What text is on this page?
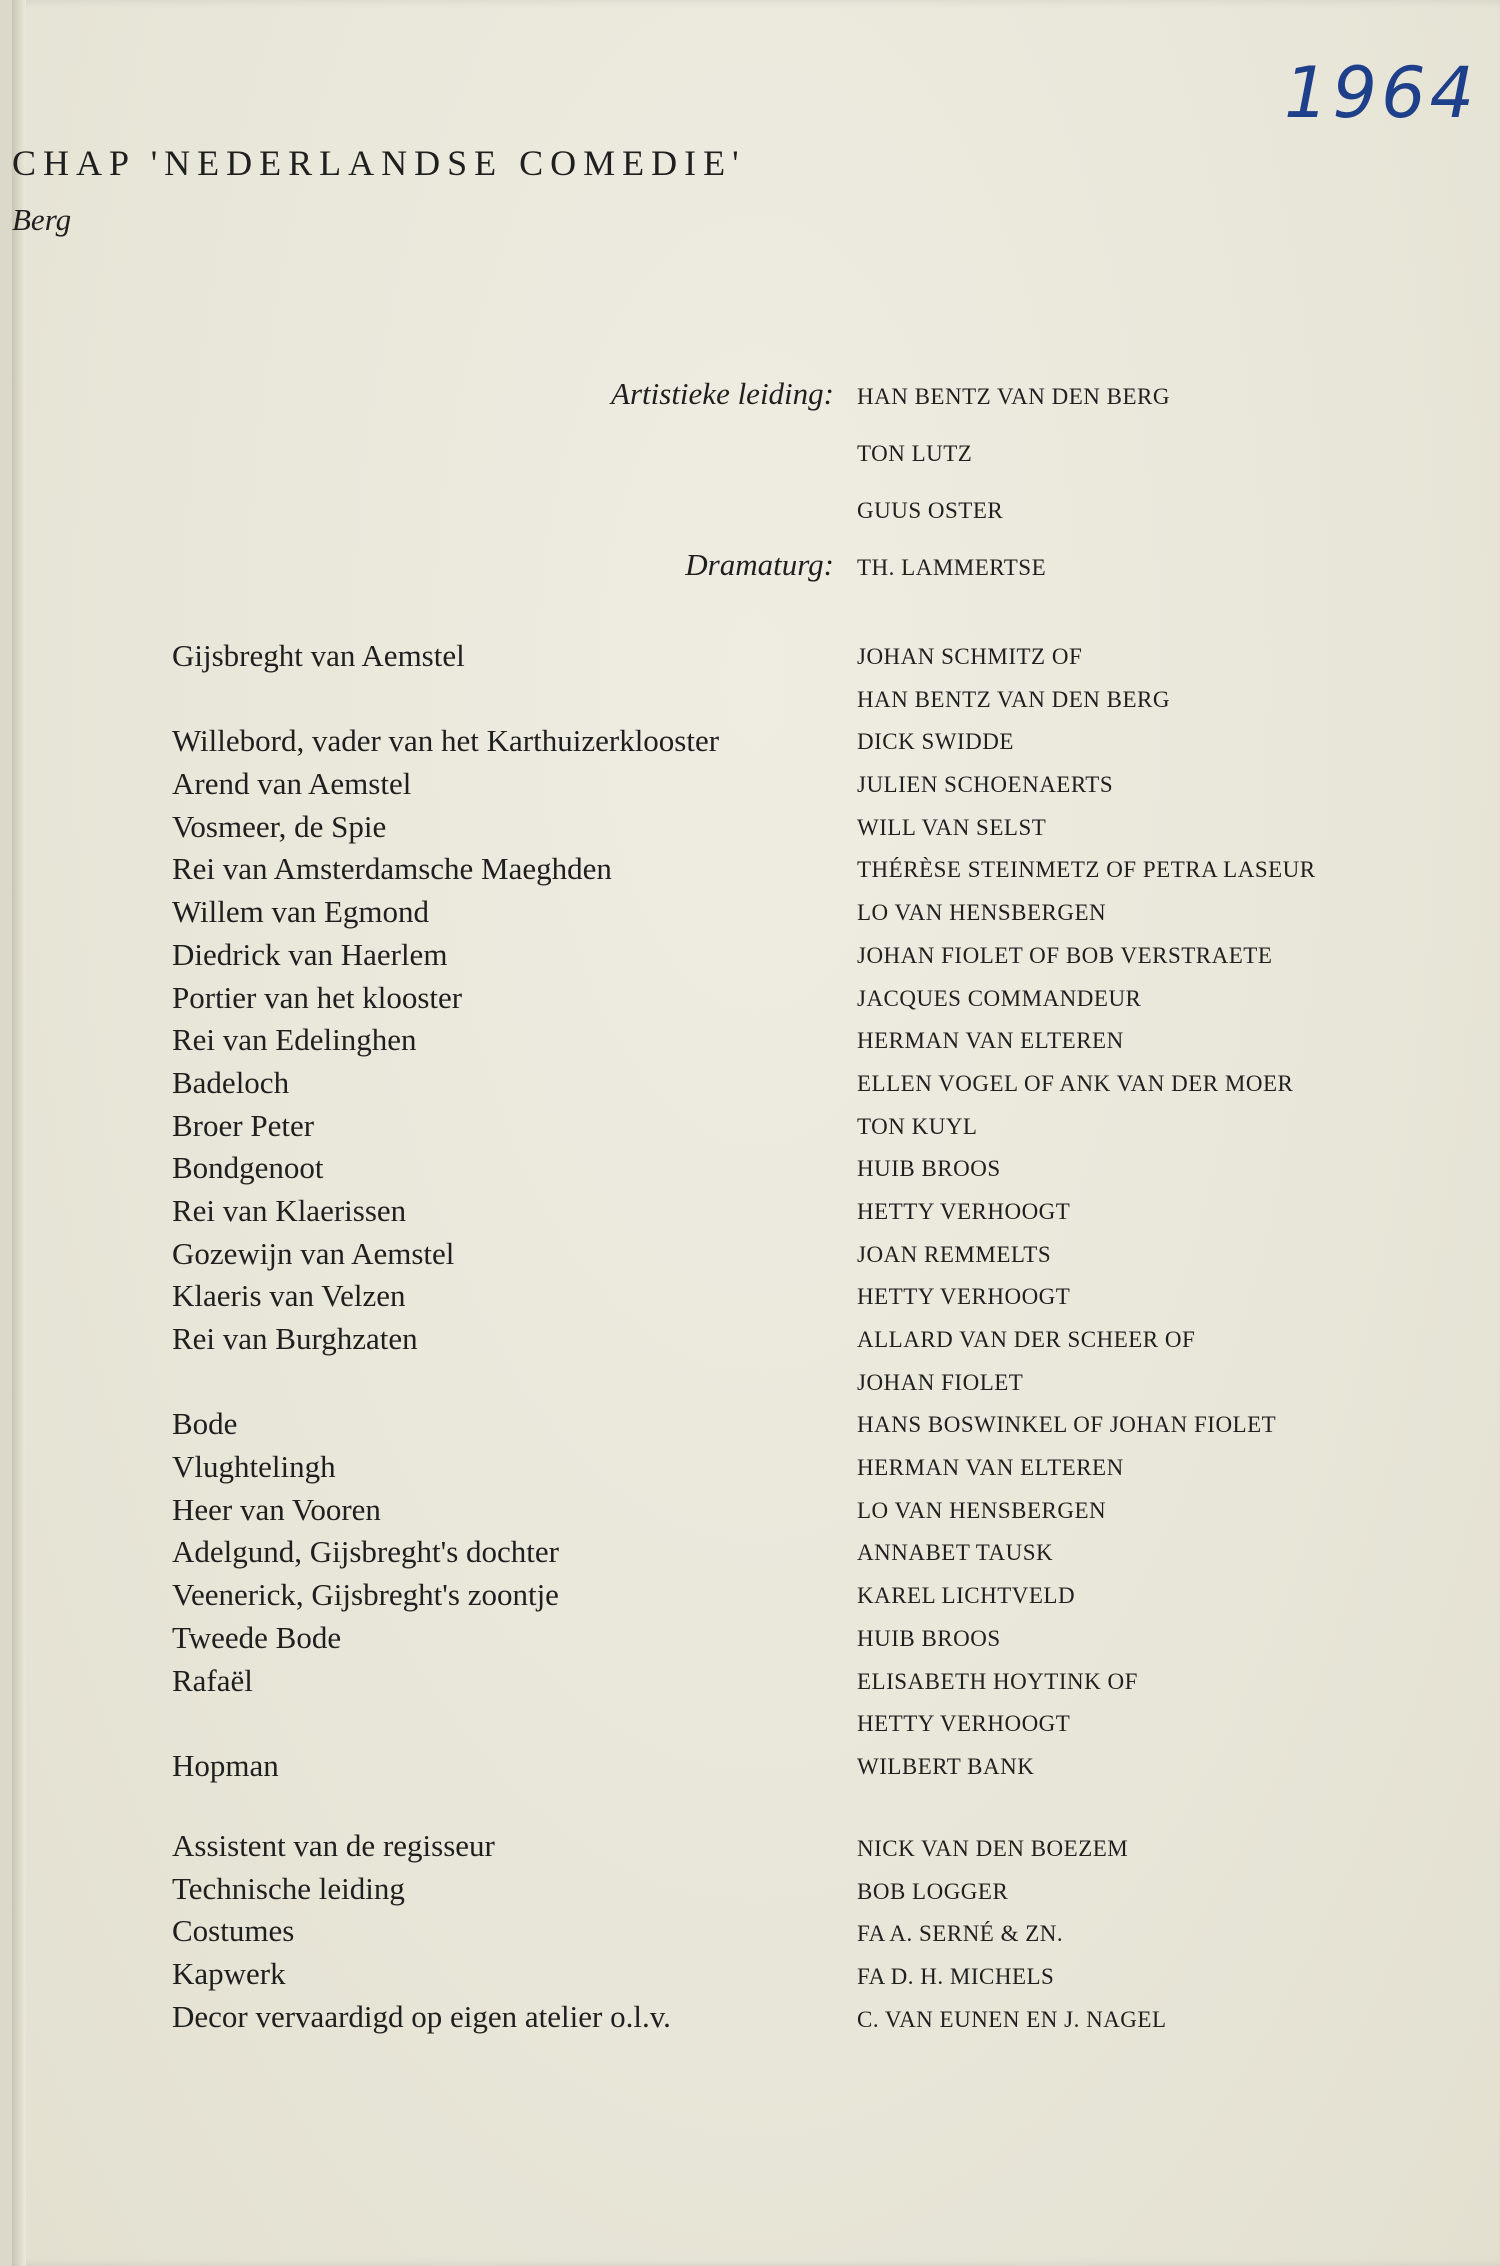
1964

CHAP 'NEDERLANDSE COMEDIE'

Berg

Artistieke leiding: HAN BENTZ VAN DEN BERG
TON LUTZ
GUUS OSTER
Dramaturg: TH. LAMMERTSE
Gijsbreght van Aemstel	JOHAN SCHMITZ OF
HAN BENTZ VAN DEN BERG
Willebord, vader van het Karthuizerklooster	DICK SWIDDE
Arend van Aemstel	JULIEN SCHOENAERTS
Vosmeer, de Spie	WILL VAN SELST
Rei van Amsterdamsche Maeghden	THÉRÈSE STEINMETZ OF PETRA LASEUR
Willem van Egmond	LO VAN HENSBERGEN
Diedrick van Haerlem	JOHAN FIOLET OF BOB VERSTRAETE
Portier van het klooster	JACQUES COMMANDEUR
Rei van Edelinghen	HERMAN VAN ELTEREN
Badeloch	ELLEN VOGEL OF ANK VAN DER MOER
Broer Peter	TON KUYL
Bondgenoot	HUIB BROOS
Rei van Klaerissen	HETTY VERHOOGT
Gozewijn van Aemstel	JOAN REMMELTS
Klaeris van Velzen	HETTY VERHOOGT
Rei van Burghzaten	ALLARD VAN DER SCHEER OF
JOHAN FIOLET
Bode	HANS BOSWINKEL OF JOHAN FIOLET
Vlughtelingh	HERMAN VAN ELTEREN
Heer van Vooren	LO VAN HENSBERGEN
Adelgund, Gijsbreght's dochter	ANNABET TAUSK
Veenerick, Gijsbreght's zoontje	KAREL LICHTVELD
Tweede Bode	HUIB BROOS
Rafaël	ELISABETH HOYTINK OF
HETTY VERHOOGT
Hopman	WILBERT BANK
Assistent van de regisseur	NICK VAN DEN BOEZEM
Technische leiding	BOB LOGGER
Costumes	FA A. SERNÉ & ZN.
Kapwerk	FA D. H. MICHELS
Decor vervaardigd op eigen atelier o.l.v.	C. VAN EUNEN EN J. NAGEL
